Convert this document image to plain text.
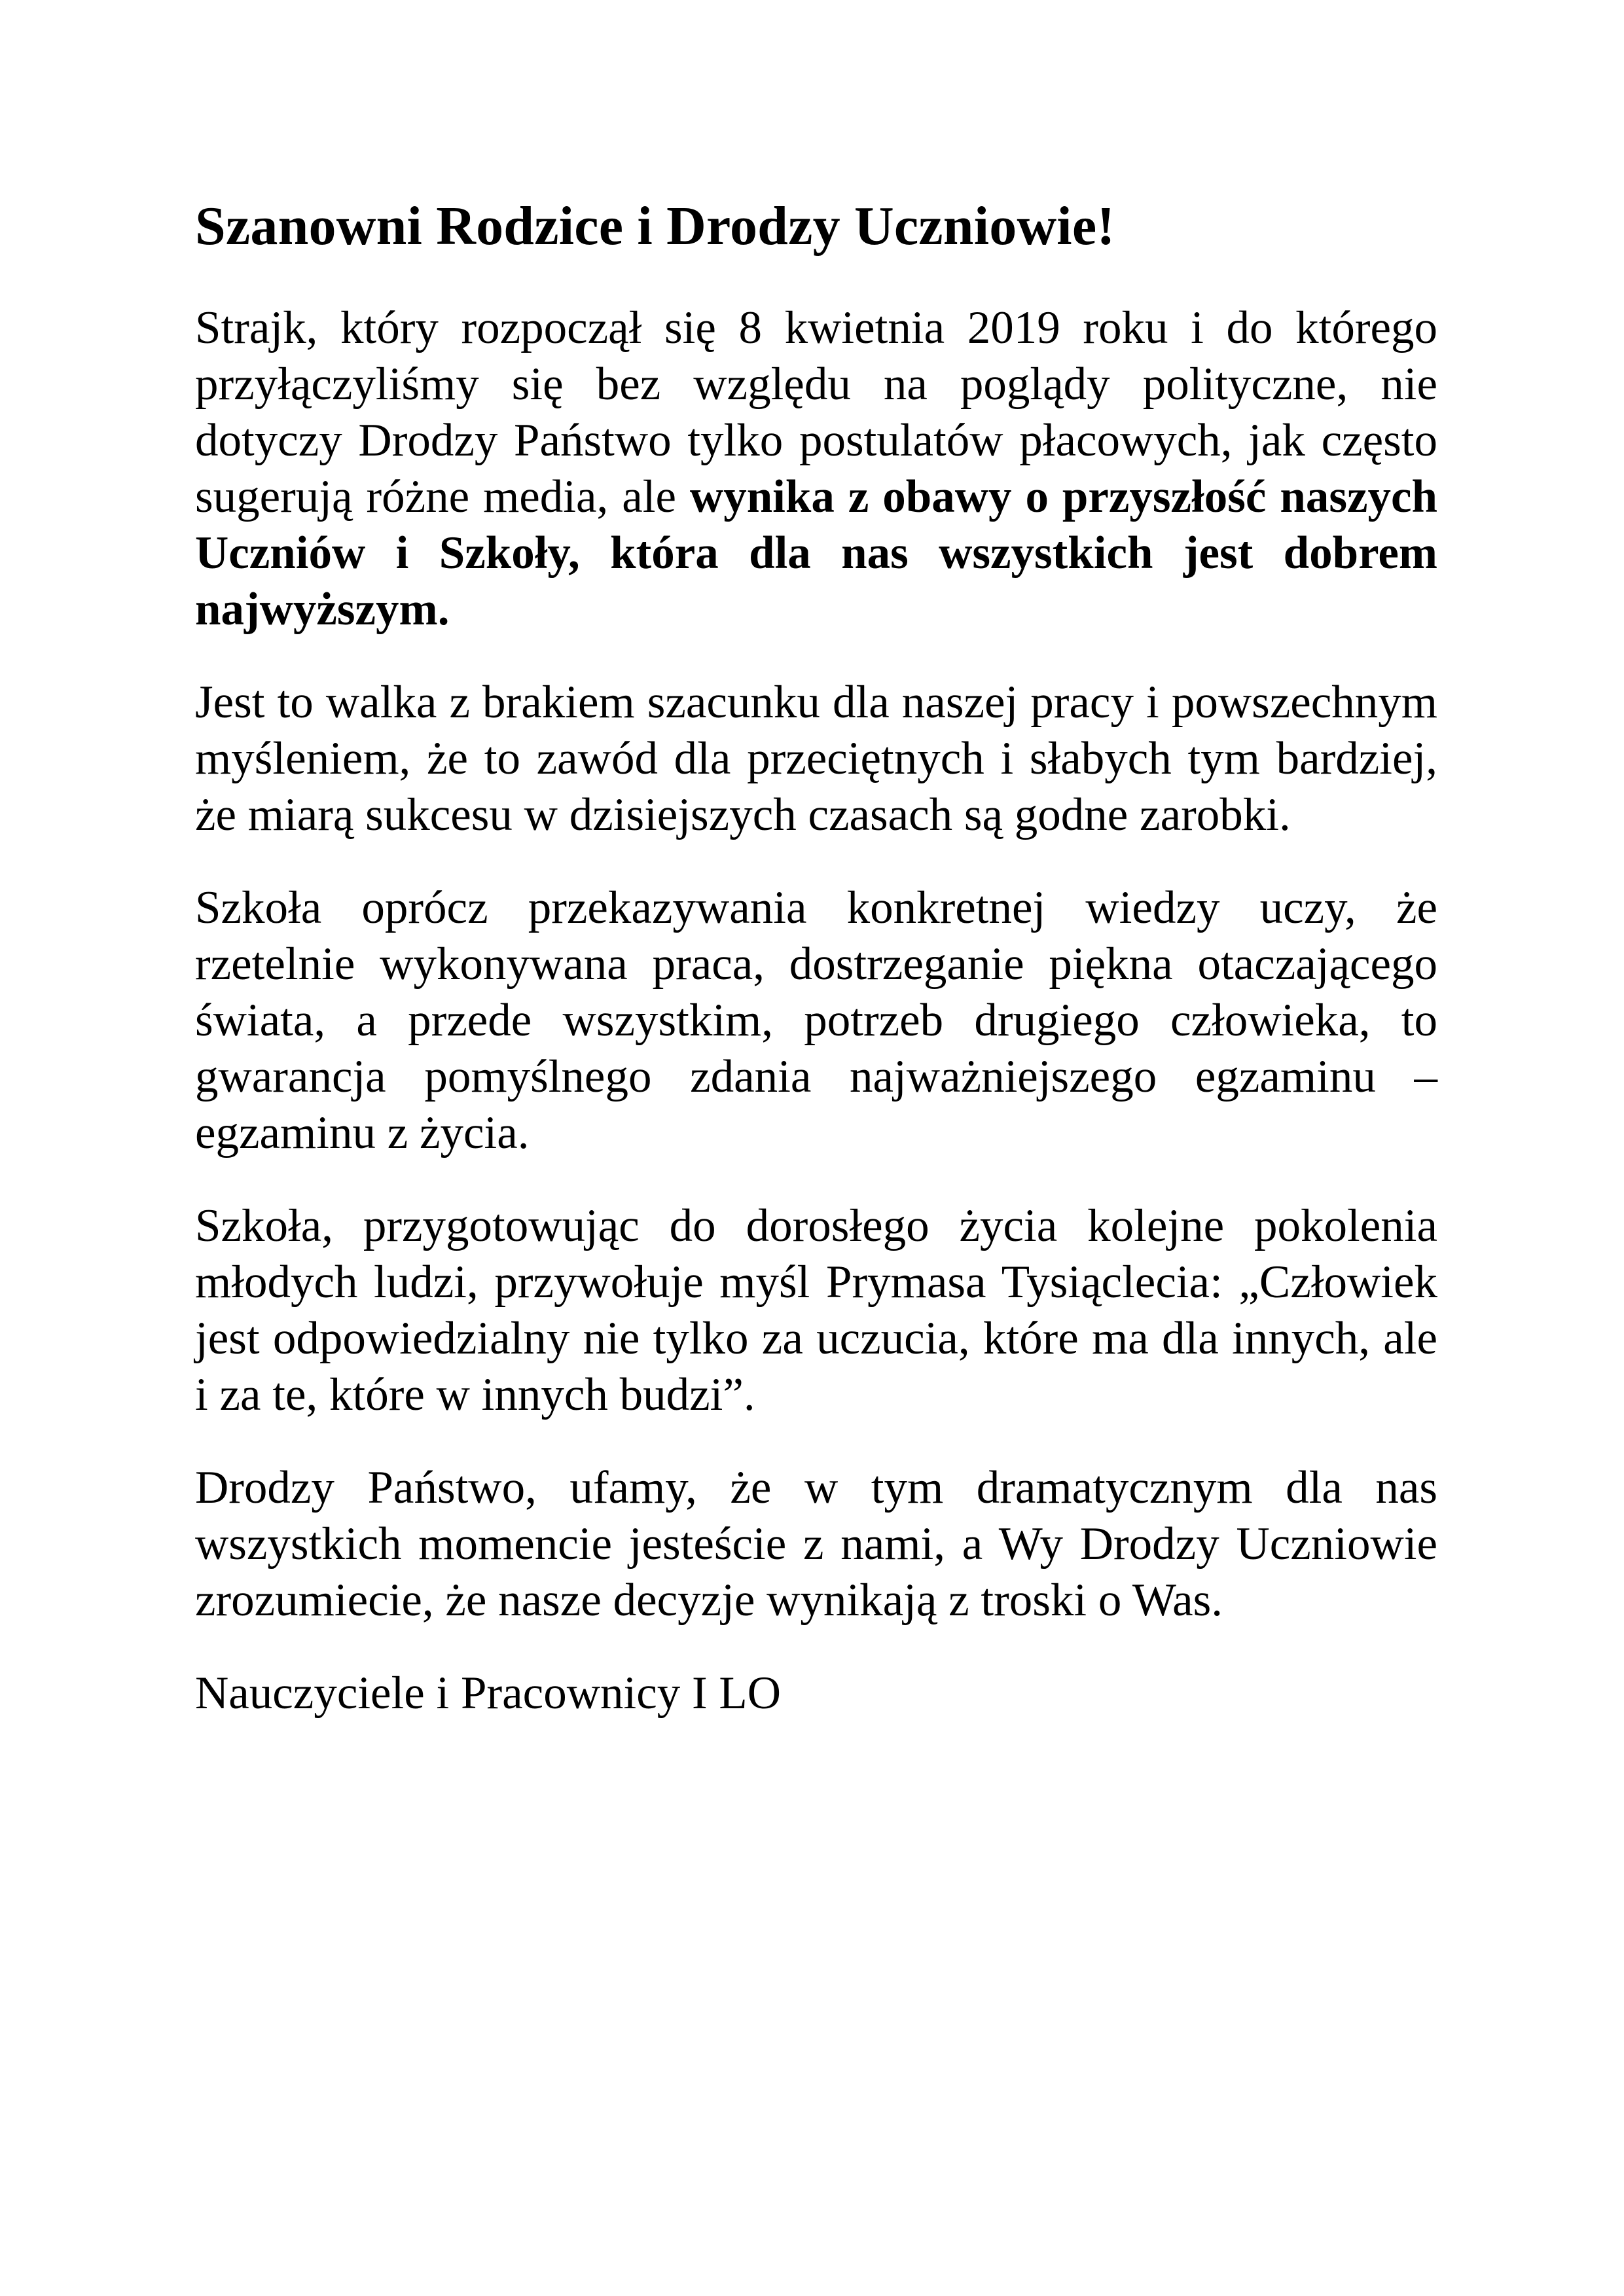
Szanowni Rodzice i Drodzy Uczniowie!

Strajk, który rozpoczął się 8 kwietnia 2019 roku i do którego przyłączyliśmy się bez względu na poglądy polityczne, nie dotyczy Drodzy Państwo tylko postulatów płacowych, jak często sugerują różne media, ale wynika z obawy o przyszłość naszych Uczniów i Szkoły, która dla nas wszystkich jest dobrem najwyższym.

Jest to walka z brakiem szacunku dla naszej pracy i powszechnym myśleniem, że to zawód dla przeciętnych i słabych tym bardziej, że miarą sukcesu w dzisiejszych czasach są godne zarobki.

Szkoła oprócz przekazywania konkretnej wiedzy uczy, że rzetelnie wykonywana praca, dostrzeganie piękna otaczającego świata, a przede wszystkim, potrzeb drugiego człowieka, to gwarancja pomyślnego zdania najważniejszego egzaminu – egzaminu z życia.

Szkoła, przygotowując do dorosłego życia kolejne pokolenia młodych ludzi, przywołuje myśl Prymasa Tysiąclecia: „Człowiek jest odpowiedzialny nie tylko za uczucia, które ma dla innych, ale i za te, które w innych budzi”.

Drodzy Państwo, ufamy, że w tym dramatycznym dla nas wszystkich momencie jesteście z nami, a Wy Drodzy Uczniowie zrozumiecie, że nasze decyzje wynikają z troski o Was.

Nauczyciele i Pracownicy I LO
